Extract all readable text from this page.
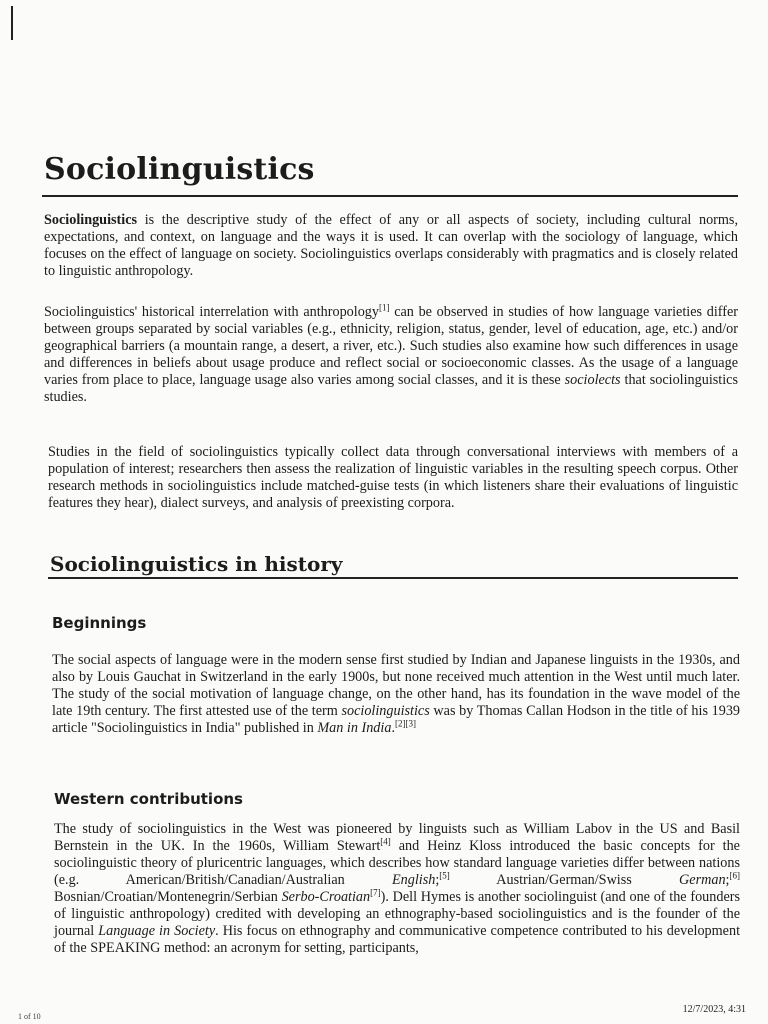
Sociolinguistics

Sociolinguistics is the descriptive study of the effect of any or all aspects of society, including cultural norms, expectations, and context, on language and the ways it is used. It can overlap with the sociology of language, which focuses on the effect of language on society. Sociolinguistics overlaps considerably with pragmatics and is closely related to linguistic anthropology.

Sociolinguistics' historical interrelation with anthropology[1] can be observed in studies of how language varieties differ between groups separated by social variables (e.g., ethnicity, religion, status, gender, level of education, age, etc.) and/or geographical barriers (a mountain range, a desert, a river, etc.). Such studies also examine how such differences in usage and differences in beliefs about usage produce and reflect social or socioeconomic classes. As the usage of a language varies from place to place, language usage also varies among social classes, and it is these sociolects that sociolinguistics studies.

Studies in the field of sociolinguistics typically collect data through conversational interviews with members of a population of interest; researchers then assess the realization of linguistic variables in the resulting speech corpus. Other research methods in sociolinguistics include matched-guise tests (in which listeners share their evaluations of linguistic features they hear), dialect surveys, and analysis of preexisting corpora.

Sociolinguistics in history
Beginnings

The social aspects of language were in the modern sense first studied by Indian and Japanese linguists in the 1930s, and also by Louis Gauchat in Switzerland in the early 1900s, but none received much attention in the West until much later. The study of the social motivation of language change, on the other hand, has its foundation in the wave model of the late 19th century. The first attested use of the term sociolinguistics was by Thomas Callan Hodson in the title of his 1939 article "Sociolinguistics in India" published in Man in India.[2][3]

Western contributions

The study of sociolinguistics in the West was pioneered by linguists such as William Labov in the US and Basil Bernstein in the UK. In the 1960s, William Stewart[4] and Heinz Kloss introduced the basic concepts for the sociolinguistic theory of pluricentric languages, which describes how standard language varieties differ between nations (e.g. American/British/Canadian/Australian English;[5] Austrian/German/Swiss German;[6] Bosnian/Croatian/Montenegrin/Serbian Serbo-Croatian[7]). Dell Hymes is another sociolinguist (and one of the founders of linguistic anthropology) credited with developing an ethnography-based sociolinguistics and is the founder of the journal Language in Society. His focus on ethnography and communicative competence contributed to his development of the SPEAKING method: an acronym for setting, participants,

1 of 10
12/7/2023, 4:31
